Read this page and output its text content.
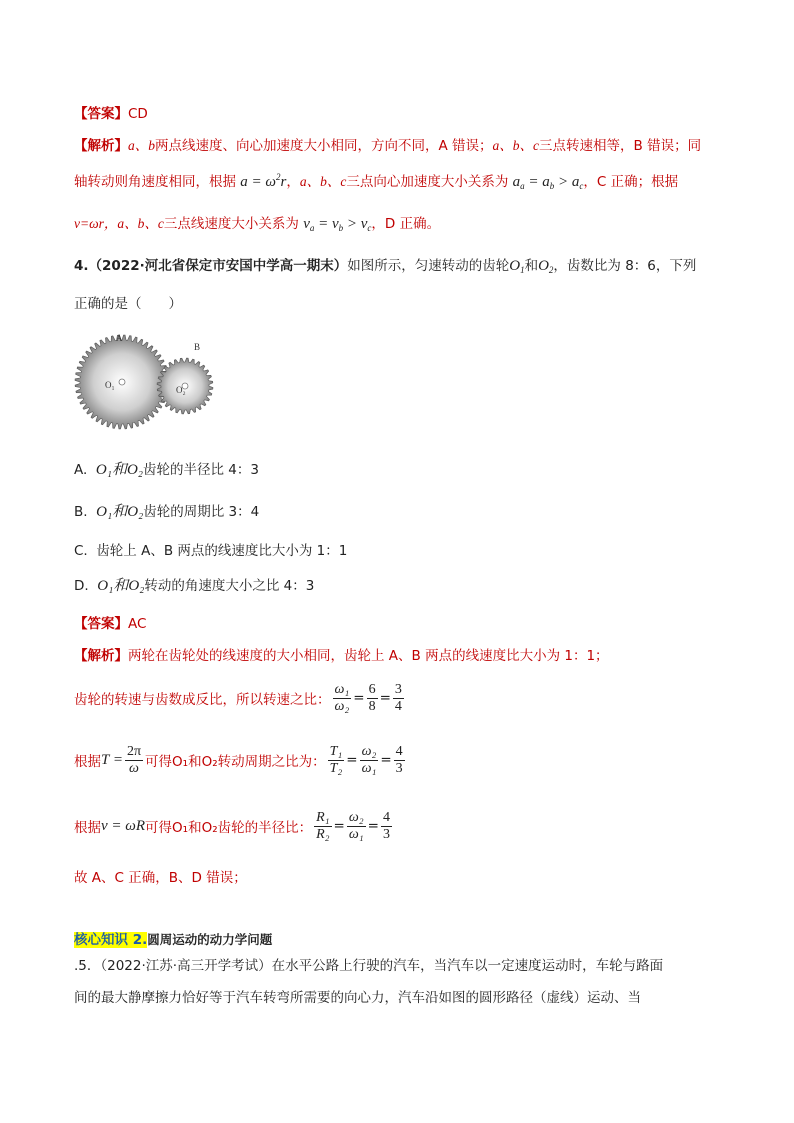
【答案】CD
【解析】a、b两点线速度、向心加速度大小相同，方向不同，A 错误；a、b、c三点转速相等，B 错误；同
轴转动则角速度相同，根据 $a = \omega^2r$，a、b、c三点向心加速度大小关系为 $a_a = a_b > a_c$，C 正确；根据
v=ωr，a、b、c三点线速度大小关系为 $v_a = v_b > v_c$，D 正确。
4.（2022·河北省保定市安国中学高一期末）如图所示，匀速转动的齿轮$O_1$和$O_2$，齿数比为 8：6，下列
正确的是（　　）
A
B
O₁	O₂
A. O₁和O₂齿轮的半径比 4：3
B. O₁和O₂齿轮的周期比 3：4
C. 齿轮上 A、B 两点的线速度比大小为 1：1
D. O₁和O₂转动的角速度大小之比 4：3
【答案】AC
【解析】两轮在齿轮处的线速度的大小相同，齿轮上 A、B 两点的线速度比大小为 1：1；
齿轮的转速与齿数成反比，所以转速之比： $\frac{\text{ω₁}}{\text{ω₂}} = \frac{6}{8} = \frac{3}{4}$
根据 $T = \frac{2\pi}{\omega}$ 可得O₁和O₂转动周期之比为： $\frac{\text{T₁}}{\text{T₂}} = \frac{\text{ω₂}}{\text{ω₁}} = \frac{4}{3}$
根据 v = ωR 可得O₁和O₂齿轮的半径比： $\frac{\text{R₁}}{\text{R₂}} = \frac{\text{ω₂}}{\text{ω₁}} = \frac{4}{3}$
故 A、C 正确，B、D 错误；
核心知识 2.圆周运动的动力学问题
.5．（2022·江苏·高三开学考试）在水平公路上行驶的汽车，当汽车以一定速度运动时，车轮与路面
间的最大静摩擦力恰好等于汽车转弯所需要的向心力，汽车沿如图的圆形路径（虚线）运动、当
